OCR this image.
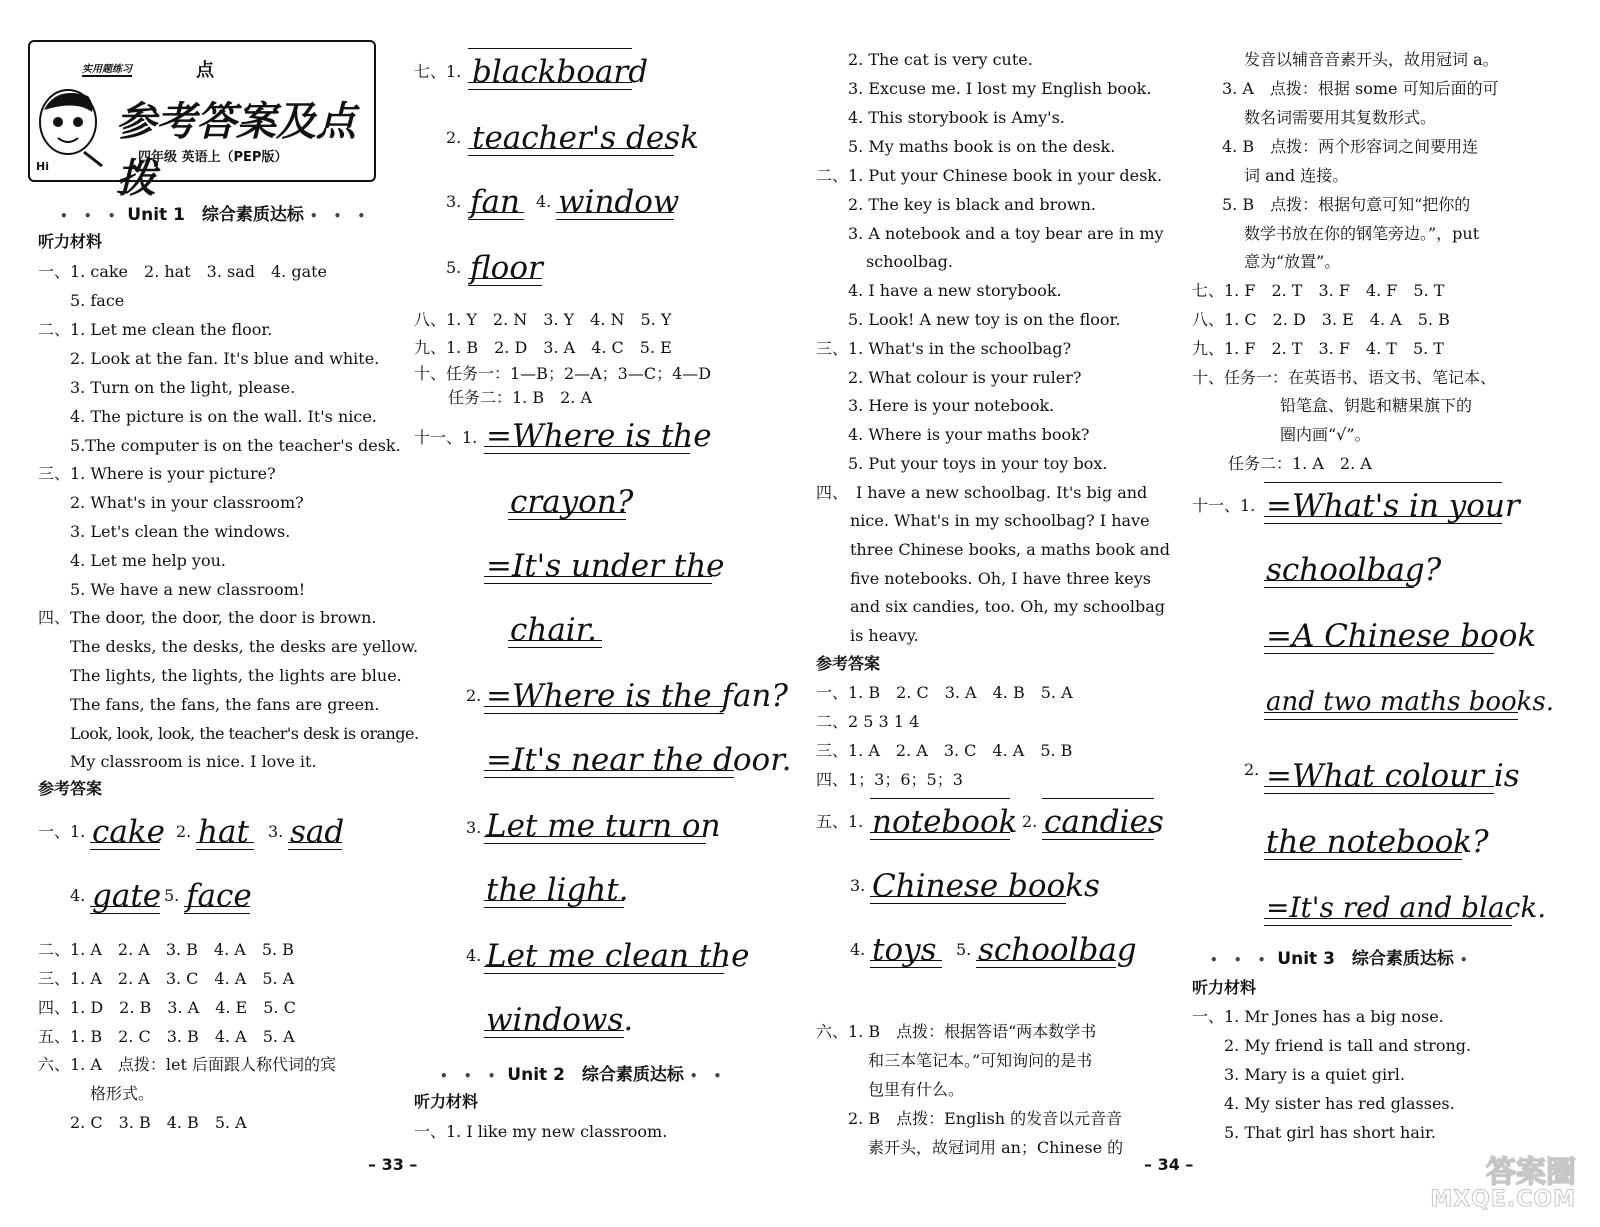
Hi
实用题练习	点
参考答案及点拨
四年级 英语上（PEP版）
• • • Unit 1　综合素质达标 • • •
听力材料
一、1. cake　2. hat　3. sad　4. gate
5. face
二、1. Let me clean the floor.
2. Look at the fan. It's blue and white.
3. Turn on the light, please.
4. The picture is on the wall. It's nice.
5.The computer is on the teacher's desk.
三、1. Where is your picture?
2. What's in your classroom?
3. Let's clean the windows.
4. Let me help you.
5. We have a new classroom!
四、The door, the door, the door is brown.
The desks, the desks, the desks are yellow.
The lights, the lights, the lights are blue.
The fans, the fans, the fans are green.
Look, look, look, the teacher's desk is orange.
My classroom is nice. I love it.
参考答案
一、1. cake 2. hat 3. sad
4. gate 5. face
二、1. A　2. A　3. B　4. A　5. B
三、1. A　2. A　3. C　4. A　5. A
四、1. D　2. B　3. A　4. E　5. C
五、1. B　2. C　3. B　4. A　5. A
六、1. A　点拨：let 后面跟人称代词的宾
格形式。
2. C　3. B　4. B　5. A
七、1. blackboard
2. teacher's desk
3. fan 4. window
5. floor
八、1. Y　2. N　3. Y　4. N　5. Y
九、1. B　2. D　3. A　4. C　5. E
十、任务一：1—B；2—A；3—C；4—D
任务二：1. B　2. A
十一、1. =Where is the
crayon?
=It's under the
chair.
2. =Where is the fan?
=It's near the door.
3. Let me turn on
the light.
4. Let me clean the
windows.
• • • Unit 2　综合素质达标 • •
听力材料
一、1. I like my new classroom.
– 33 –
2. The cat is very cute.
3. Excuse me. I lost my English book.
4. This storybook is Amy's.
5. My maths book is on the desk.
二、1. Put your Chinese book in your desk.
2. The key is black and brown.
3. A notebook and a toy bear are in my
schoolbag.
4. I have a new storybook.
5. Look! A new toy is on the floor.
三、1. What's in the schoolbag?
2. What colour is your ruler?
3. Here is your notebook.
4. Where is your maths book?
5. Put your toys in your toy box.
四、　I have a new schoolbag. It's big and
nice. What's in my schoolbag? I have
three Chinese books, a maths book and
five notebooks. Oh, I have three keys
and six candies, too. Oh, my schoolbag
is heavy.
参考答案
一、1. B　2. C　3. A　4. B　5. A
二、2 5 3 1 4
三、1. A　2. A　3. C　4. A　5. B
四、1；3；6；5；3
五、1. notebook 2. candies
3. Chinese books
4. toys 5. schoolbag
六、1. B　点拨：根据答语“两本数学书
和三本笔记本。”可知询问的是书
包里有什么。
2. B　点拨：English 的发音以元音音
素开头，故冠词用 an；Chinese 的
发音以辅音音素开头，故用冠词 a。
3. A　点拨：根据 some 可知后面的可
数名词需要用其复数形式。
4. B　点拨：两个形容词之间要用连
词 and 连接。
5. B　点拨：根据句意可知“把你的
数学书放在你的钢笔旁边。”，put
意为“放置”。
七、1. F　2. T　3. F　4. F　5. T
八、1. C　2. D　3. E　4. A　5. B
九、1. F　2. T　3. F　4. T　5. T
十、任务一：在英语书、语文书、笔记本、
铅笔盒、钥匙和糖果旗下的
圈内画“√”。
任务二：1. A　2. A
十一、1. =What's in your
schoolbag?
=A Chinese book
and two maths books.
2. =What colour is
the notebook?
=It's red and black.
• • • Unit 3　综合素质达标 •
听力材料
一、1. Mr Jones has a big nose.
2. My friend is tall and strong.
3. Mary is a quiet girl.
4. My sister has red glasses.
5. That girl has short hair.
– 34 –	答案圈
MXQE.COM
